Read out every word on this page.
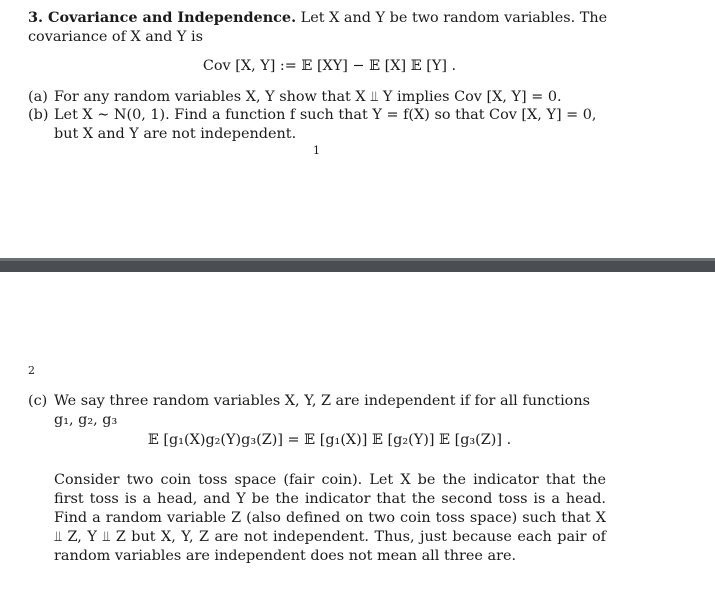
3. Covariance and Independence. Let X and Y be two random variables. The
covariance of X and Y is
Cov [X, Y] := 𝔼 [XY] − 𝔼 [X] 𝔼 [Y] .
(a) For any random variables X, Y show that X ⫫ Y implies Cov [X, Y] = 0.
(b) Let X ∼ N(0, 1). Find a function f such that Y = f(X) so that Cov [X, Y] = 0, but X and Y are not independent.
1
2
(c) We say three random variables X, Y, Z are independent if for all functions g₁, g₂, g₃
𝔼 [g₁(X)g₂(Y)g₃(Z)] = 𝔼 [g₁(X)] 𝔼 [g₂(Y)] 𝔼 [g₃(Z)] .
Consider two coin toss space (fair coin). Let X be the indicator that the first toss is a head, and Y be the indicator that the second toss is a head. Find a random variable Z (also defined on two coin toss space) such that X ⫫ Z, Y ⫫ Z but X, Y, Z are not independent. Thus, just because each pair of random variables are independent does not mean all three are.
